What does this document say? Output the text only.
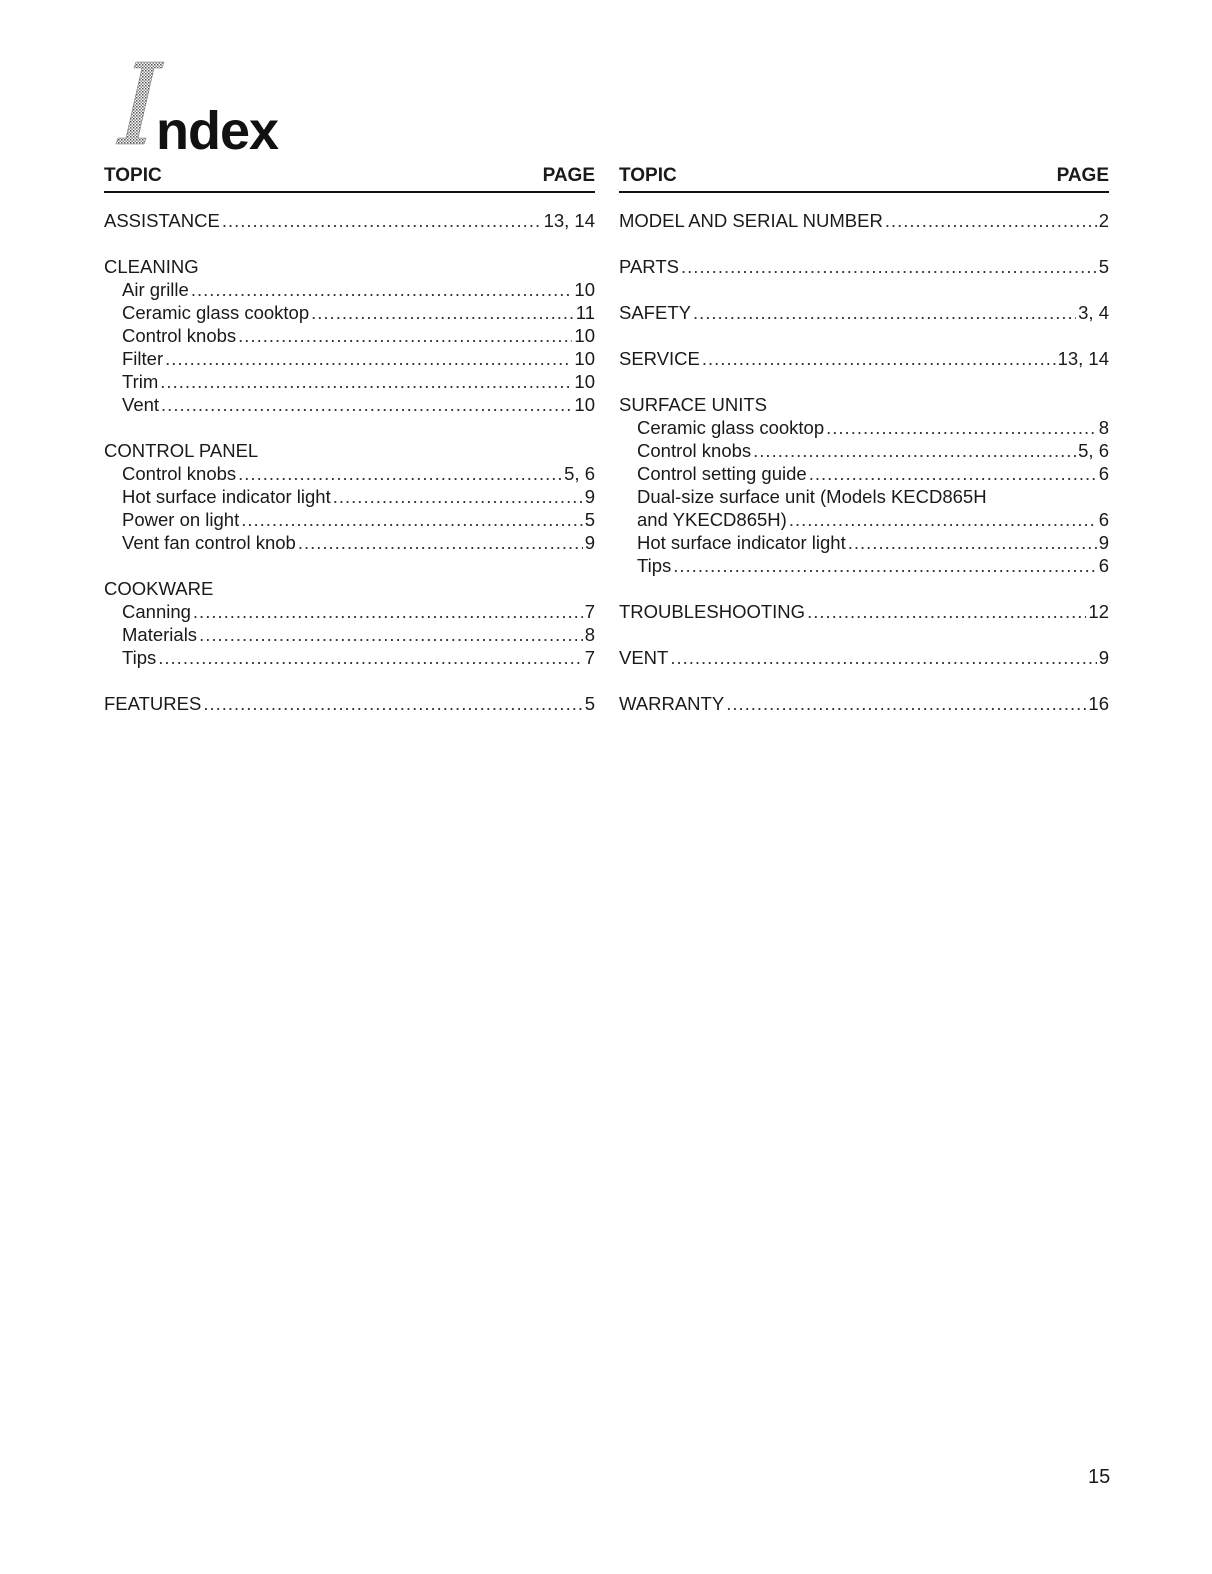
ndex
TOPIC	PAGE
ASSISTANCE .....	13, 14
CLEANING
Air grille .....	10
Ceramic glass cooktop .....	11
Control knobs .....	10
Filter .....	10
Trim .....	10
Vent .....	10
CONTROL PANEL
Control knobs .....	5, 6
Hot surface indicator light .....	9
Power on light .....	5
Vent fan control knob .....	9
COOKWARE
Canning .....	7
Materials .....	8
Tips .....	7
FEATURES .....	5
TOPIC	PAGE
MODEL AND SERIAL NUMBER .....	2
PARTS .....	5
SAFETY .....	3, 4
SERVICE .....	13, 14
SURFACE UNITS
Ceramic glass cooktop .....	8
Control knobs .....	5, 6
Control setting guide .....	6
Dual-size surface unit (Models KECD865H
and YKECD865H) .....	6
Hot surface indicator light .....	9
Tips .....	6
TROUBLESHOOTING .....	12
VENT .....	9
WARRANTY .....	16
15
